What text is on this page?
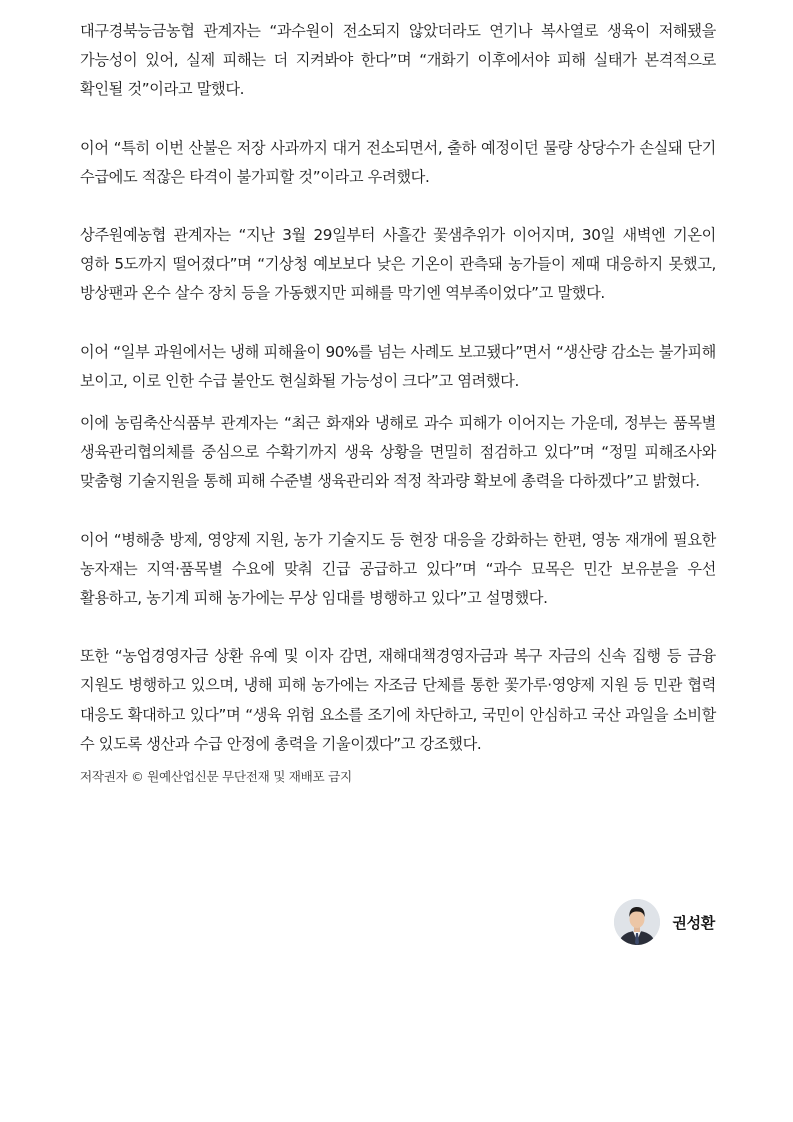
대구경북능금농협 관계자는 “과수원이 전소되지 않았더라도 연기나 복사열로 생육이 저해됐을 가능성이 있어, 실제 피해는 더 지켜봐야 한다”며 “개화기 이후에서야 피해 실태가 본격적으로 확인될 것”이라고 말했다.

이어 “특히 이번 산불은 저장 사과까지 대거 전소되면서, 출하 예정이던 물량 상당수가 손실돼 단기 수급에도 적잖은 타격이 불가피할 것”이라고 우려했다.

상주원예농협 관계자는 “지난 3월 29일부터 사흘간 꽃샘추위가 이어지며, 30일 새벽엔 기온이 영하 5도까지 떨어졌다”며 “기상청 예보보다 낮은 기온이 관측돼 농가들이 제때 대응하지 못했고, 방상팬과 온수 살수 장치 등을 가동했지만 피해를 막기엔 역부족이었다”고 말했다.

이어 “일부 과원에서는 냉해 피해율이 90%를 넘는 사례도 보고됐다”면서 “생산량 감소는 불가피해 보이고, 이로 인한 수급 불안도 현실화될 가능성이 크다”고 염려했다.

이에 농림축산식품부 관계자는 “최근 화재와 냉해로 과수 피해가 이어지는 가운데, 정부는 품목별 생육관리협의체를 중심으로 수확기까지 생육 상황을 면밀히 점검하고 있다”며 “정밀 피해조사와 맞춤형 기술지원을 통해 피해 수준별 생육관리와 적정 착과량 확보에 총력을 다하겠다”고 밝혔다.

이어 “병해충 방제, 영양제 지원, 농가 기술지도 등 현장 대응을 강화하는 한편, 영농 재개에 필요한 농자재는 지역·품목별 수요에 맞춰 긴급 공급하고 있다”며 “과수 묘목은 민간 보유분을 우선 활용하고, 농기계 피해 농가에는 무상 임대를 병행하고 있다”고 설명했다.

또한 “농업경영자금 상환 유예 및 이자 감면, 재해대책경영자금과 복구 자금의 신속 집행 등 금융 지원도 병행하고 있으며, 냉해 피해 농가에는 자조금 단체를 통한 꽃가루·영양제 지원 등 민관 협력 대응도 확대하고 있다”며 “생육 위험 요소를 조기에 차단하고, 국민이 안심하고 국산 과일을 소비할 수 있도록 생산과 수급 안정에 총력을 기울이겠다”고 강조했다.

저작권자 © 원예산업신문 무단전재 및 재배포 금지
권성환
